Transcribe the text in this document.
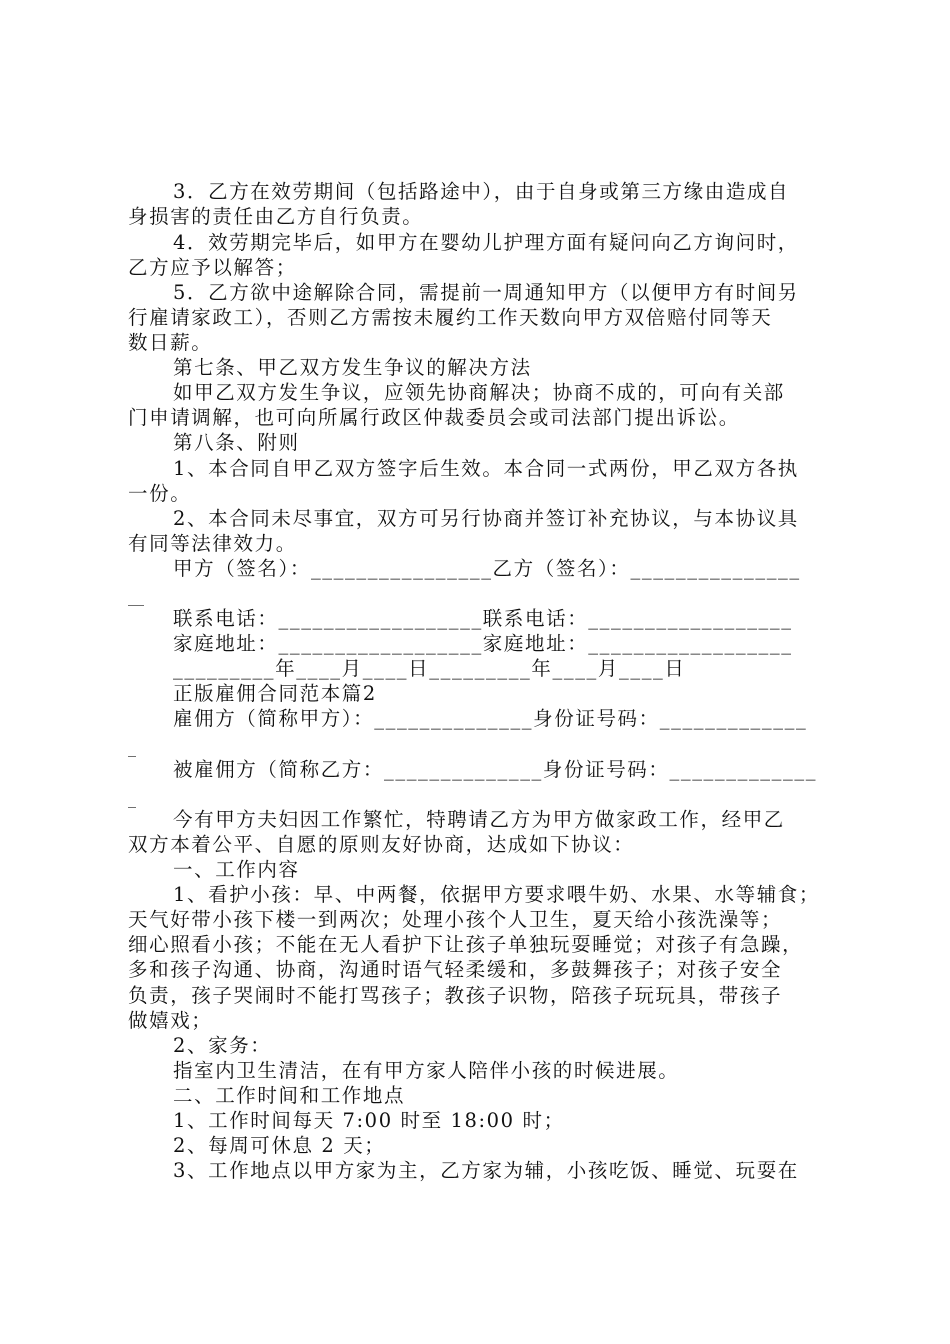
3．乙方在效劳期间（包括路途中），由于自身或第三方缘由造成自
身损害的责任由乙方自行负责。
4．效劳期完毕后，如甲方在婴幼儿护理方面有疑问向乙方询问时，
乙方应予以解答；
5．乙方欲中途解除合同，需提前一周通知甲方（以便甲方有时间另
行雇请家政工），否则乙方需按未履约工作天数向甲方双倍赔付同等天
数日薪。
第七条、甲乙双方发生争议的解决方法
如甲乙双方发生争议，应领先协商解决；协商不成的，可向有关部
门申请调解，也可向所属行政区仲裁委员会或司法部门提出诉讼。
第八条、附则
1、本合同自甲乙双方签字后生效。本合同一式两份，甲乙双方各执
一份。
2、本合同未尽事宜，双方可另行协商并签订补充协议，与本协议具
有同等法律效力。
甲方（签名）：________________乙方（签名）：_______________
__
联系电话：__________________联系电话：__________________
家庭地址：__________________家庭地址：__________________
_________年____月____日_________年____月____日
正版雇佣合同范本篇2
雇佣方（简称甲方）：______________身份证号码：_____________
_
被雇佣方（简称乙方：______________身份证号码：_____________
_
今有甲方夫妇因工作繁忙，特聘请乙方为甲方做家政工作，经甲乙
双方本着公平、自愿的原则友好协商，达成如下协议：
一、工作内容
1、看护小孩：早、中两餐，依据甲方要求喂牛奶、水果、水等辅食；
天气好带小孩下楼一到两次；处理小孩个人卫生，夏天给小孩洗澡等；
细心照看小孩；不能在无人看护下让孩子单独玩耍睡觉；对孩子有急躁，
多和孩子沟通、协商，沟通时语气轻柔缓和，多鼓舞孩子；对孩子安全
负责，孩子哭闹时不能打骂孩子；教孩子识物，陪孩子玩玩具，带孩子
做嬉戏；
2、家务：
指室内卫生清洁，在有甲方家人陪伴小孩的时候进展。
二、工作时间和工作地点
1、工作时间每天 7:00 时至 18:00 时；
2、每周可休息 2 天；
3、工作地点以甲方家为主，乙方家为辅，小孩吃饭、睡觉、玩耍在
